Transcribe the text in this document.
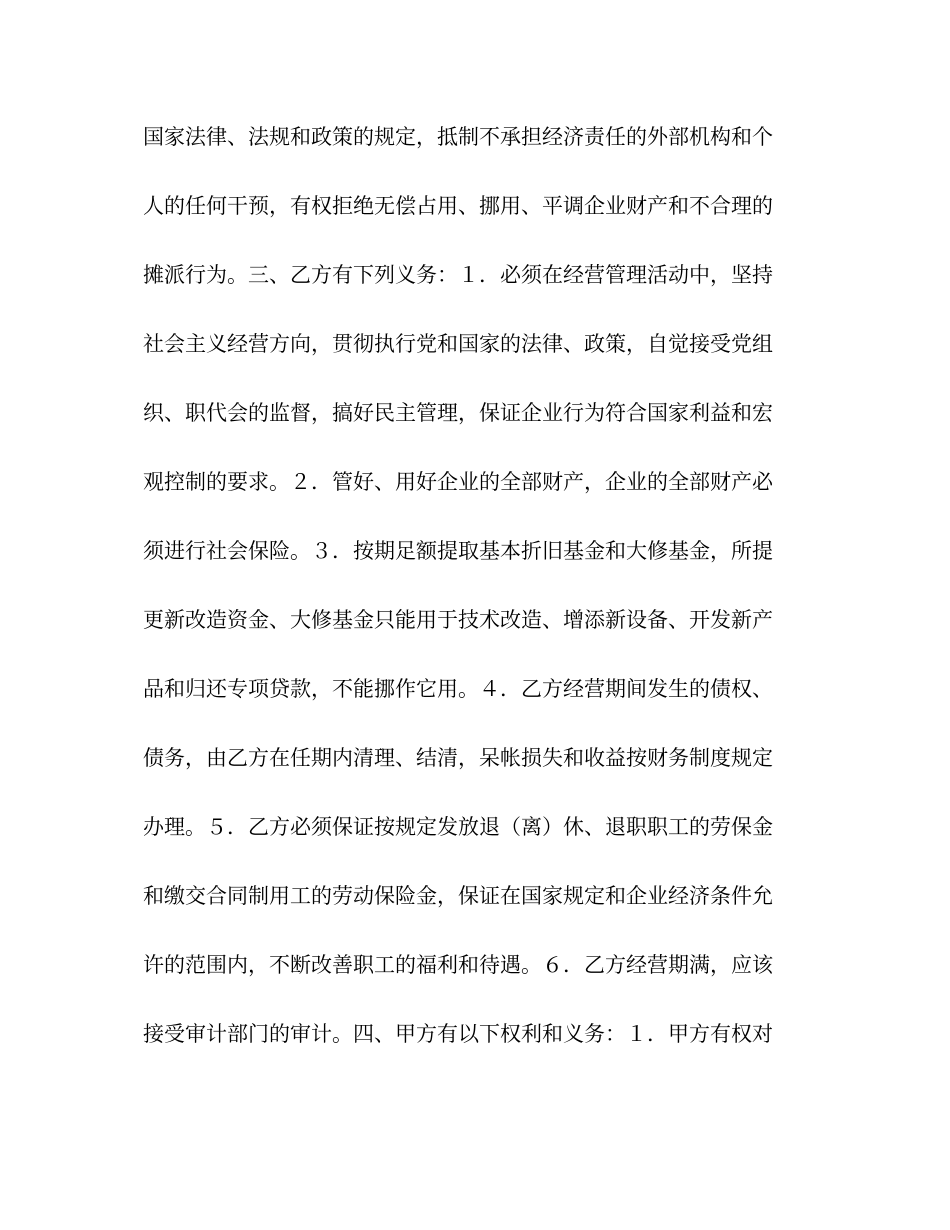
国家法律、法规和政策的规定，抵制不承担经济责任的外部机构和个
人的任何干预，有权拒绝无偿占用、挪用、平调企业财产和不合理的
摊派行为。三、乙方有下列义务：１．必须在经营管理活动中，坚持
社会主义经营方向，贯彻执行党和国家的法律、政策，自觉接受党组
织、职代会的监督，搞好民主管理，保证企业行为符合国家利益和宏
观控制的要求。２．管好、用好企业的全部财产，企业的全部财产必
须进行社会保险。３．按期足额提取基本折旧基金和大修基金，所提
更新改造资金、大修基金只能用于技术改造、增添新设备、开发新产
品和归还专项贷款，不能挪作它用。４．乙方经营期间发生的债权、
债务，由乙方在任期内清理、结清，呆帐损失和收益按财务制度规定
办理。５．乙方必须保证按规定发放退（离）休、退职职工的劳保金
和缴交合同制用工的劳动保险金，保证在国家规定和企业经济条件允
许的范围内，不断改善职工的福利和待遇。６．乙方经营期满，应该
接受审计部门的审计。四、甲方有以下权利和义务：１．甲方有权对
